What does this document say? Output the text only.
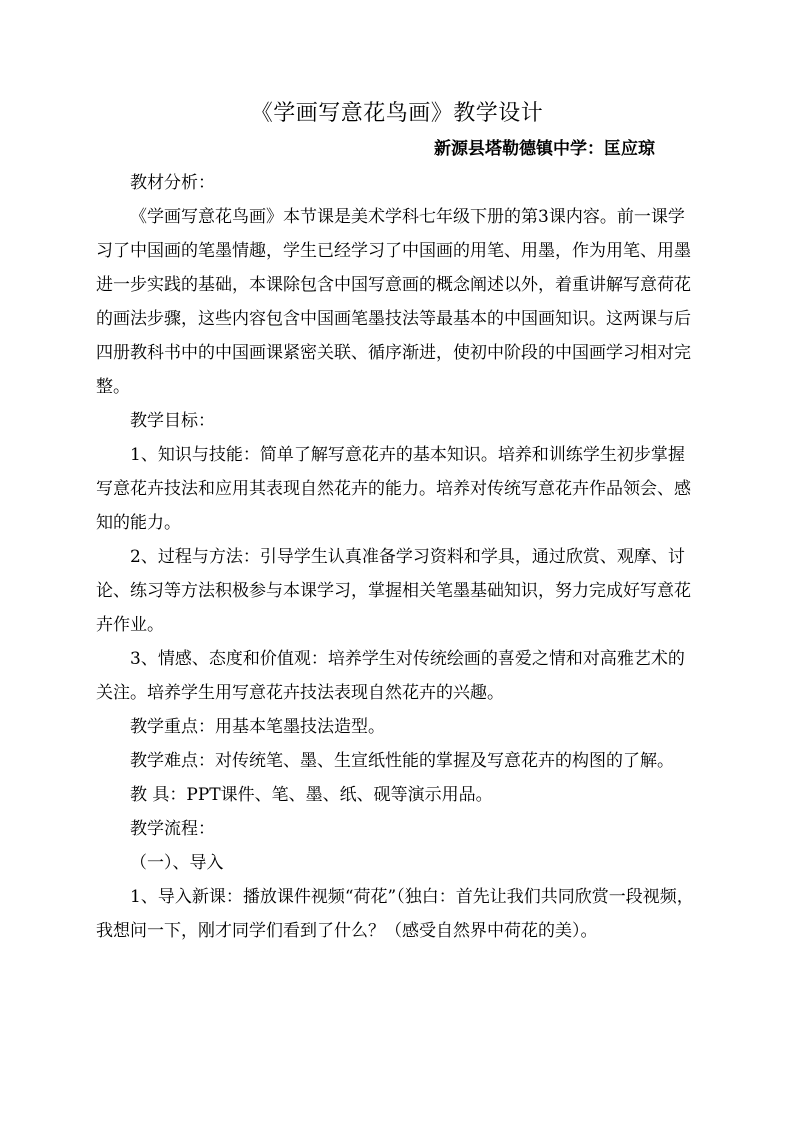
《学画写意花鸟画》教学设计
新源县塔勒德镇中学：匡应琼

教材分析：

《学画写意花鸟画》本节课是美术学科七年级下册的第3课内容。前一课学习了中国画的笔墨情趣，学生已经学习了中国画的用笔、用墨，作为用笔、用墨进一步实践的基础，本课除包含中国写意画的概念阐述以外，着重讲解写意荷花的画法步骤，这些内容包含中国画笔墨技法等最基本的中国画知识。这两课与后四册教科书中的中国画课紧密关联、循序渐进，使初中阶段的中国画学习相对完整。

教学目标：

1、知识与技能：简单了解写意花卉的基本知识。培养和训练学生初步掌握写意花卉技法和应用其表现自然花卉的能力。培养对传统写意花卉作品领会、感知的能力。

2、过程与方法：引导学生认真准备学习资料和学具，通过欣赏、观摩、讨论、练习等方法积极参与本课学习，掌握相关笔墨基础知识，努力完成好写意花卉作业。

3、情感、态度和价值观：培养学生对传统绘画的喜爱之情和对高雅艺术的关注。培养学生用写意花卉技法表现自然花卉的兴趣。

教学重点：用基本笔墨技法造型。

教学难点：对传统笔、墨、生宣纸性能的掌握及写意花卉的构图的了解。

教 具：PPT课件、笔、墨、纸、砚等演示用品。

教学流程：

（一）、导入

1、导入新课：播放课件视频“荷花”（独白：首先让我们共同欣赏一段视频，我想问一下，刚才同学们看到了什么？（感受自然界中荷花的美）。
